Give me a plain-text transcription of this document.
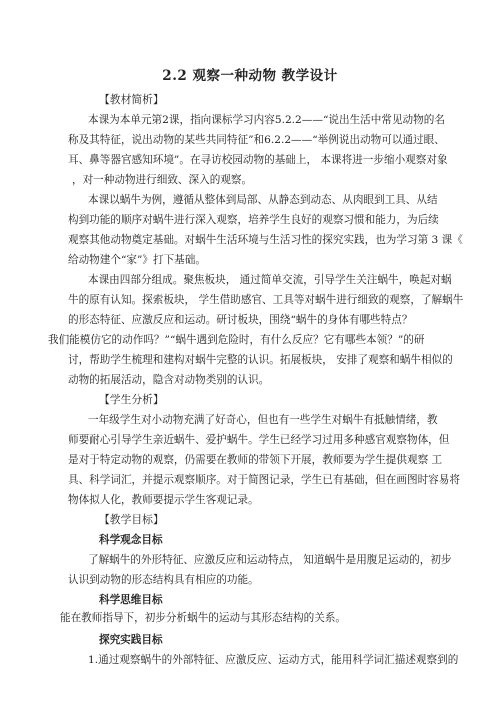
2.2 观察一种动物 教学设计
【教材简析】
本课为本单元第2课，指向课标学习内容5.2.2——“说出生活中常见动物的名
称及其特征，说出动物的某些共同特征”和6.2.2——“举例说出动物可以通过眼、
耳、鼻等器官感知环境”。在寻访校园动物的基础上， 本课将进一步缩小观察对象
，对一种动物进行细致、深入的观察。
本课以蜗牛为例，遵循从整体到局部、从静态到动态、从肉眼到工具、从结
构到功能的顺序对蜗牛进行深入观察，培养学生良好的观察习惯和能力，为后续
观察其他动物奠定基础。对蜗牛生活环境与生活习性的探究实践，也为学习第 3 课《
给动物建个“家”》打下基础。
本课由四部分组成。聚焦板块， 通过简单交流，引导学生关注蜗牛，唤起对蜗
牛的原有认知。探索板块， 学生借助感官、工具等对蜗牛进行细致的观察，了解蜗牛
的形态特征、应激反应和运动。研讨板块，围绕“蜗牛的身体有哪些特点？
我们能模仿它的动作吗？”“蜗牛遇到危险时，有什么反应？它有哪些本领？”的研
讨，帮助学生梳理和建构对蜗牛完整的认识。拓展板块， 安排了观察和蜗牛相似的
动物的拓展活动，隐含对动物类别的认识。
【学生分析】
一年级学生对小动物充满了好奇心，但也有一些学生对蜗牛有抵触情绪，教
师要耐心引导学生亲近蜗牛、爱护蜗牛。学生已经学习过用多种感官观察物体，但
是对于特定动物的观察，仍需要在教师的带领下开展，教师要为学生提供观察 工
具、科学词汇，并提示观察顺序。对于简图记录，学生已有基础，但在画图时容易将
物体拟人化，教师要提示学生客观记录。
【教学目标】
科学观念目标
了解蜗牛的外形特征、应激反应和运动特点， 知道蜗牛是用腹足运动的，初步
认识到动物的形态结构具有相应的功能。
科学思维目标
能在教师指导下，初步分析蜗牛的运动与其形态结构的关系。
探究实践目标
1.通过观察蜗牛的外部特征、应激反应、运动方式，能用科学词汇描述观察到的
